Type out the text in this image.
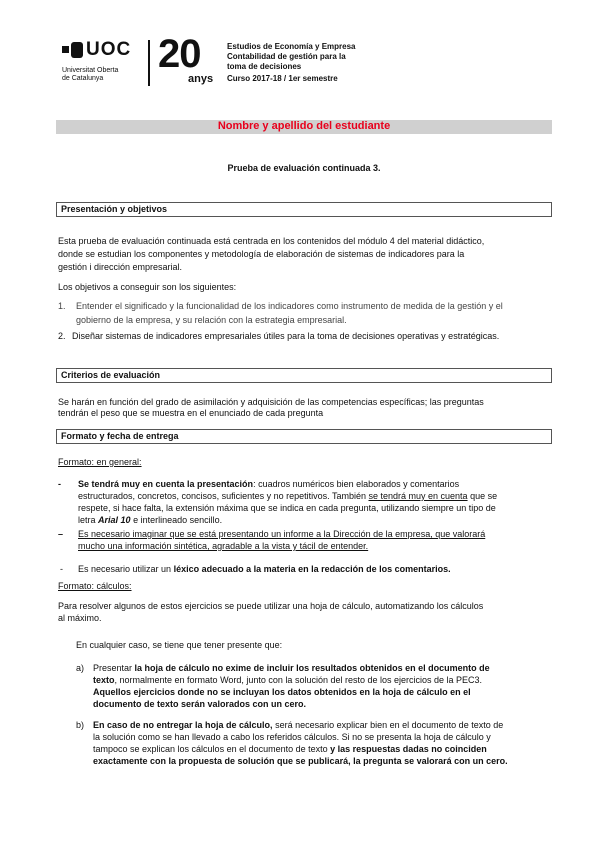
UOC
Universitat Oberta
de Catalunya
20
anys
Estudios de Economía y Empresa
Contabilidad de gestión para la
toma de decisiones
Curso 2017-18 / 1er semestre
Nombre y apellido del estudiante
Prueba de evaluación continuada 3.
Presentación y objetivos
Esta prueba de evaluación continuada está centrada en los contenidos del módulo 4 del material didáctico,
donde se estudian los componentes y metodología de elaboración de sistemas de indicadores para la
gestión i dirección empresarial.
Los objetivos a conseguir son los siguientes:
1. Entender el significado y la funcionalidad de los indicadores como instrumento de medida de la gestión y el
gobierno de la empresa, y su relación con la estrategia empresarial.
2. Diseñar sistemas de indicadores empresariales útiles para la toma de decisiones operativas y estratégicas.
Criterios de evaluación
Se harán en función del grado de asimilación y adquisición de las competencias específicas; las preguntas
tendrán el peso que se muestra en el enunciado de cada pregunta
Formato y fecha de entrega
Formato: en general:
- Se tendrá muy en cuenta la presentación: cuadros numéricos bien elaborados y comentarios
estructurados, concretos, concisos, suficientes y no repetitivos. También se tendrá muy en cuenta que se
respete, si hace falta, la extensión máxima que se indica en cada pregunta, utilizando siempre un tipo de
letra Arial 10 e interlineado sencillo.
– Es necesario imaginar que se está presentando un informe a la Dirección de la empresa, que valorará
mucho una información sintética, agradable a la vista y tácil de entender.
- Es necesario utilizar un léxico adecuado a la materia en la redacción de los comentarios.
Formato: cálculos:
Para resolver algunos de estos ejercicios se puede utilizar una hoja de cálculo, automatizando los cálculos
al máximo.
En cualquier caso, se tiene que tener presente que:
a) Presentar la hoja de cálculo no exime de incluir los resultados obtenidos en el documento de
texto, normalmente en formato Word, junto con la solución del resto de los ejercicios de la PEC3.
Aquellos ejercicios donde no se incluyan los datos obtenidos en la hoja de cálculo en el
documento de texto serán valorados con un cero.
b) En caso de no entregar la hoja de cálculo, será necesario explicar bien en el documento de texto de
la solución como se han llevado a cabo los referidos cálculos. Si no se presenta la hoja de cálculo y
tampoco se explican los cálculos en el documento de texto y las respuestas dadas no coinciden
exactamente con la propuesta de solución que se publicará, la pregunta se valorará con un cero.
